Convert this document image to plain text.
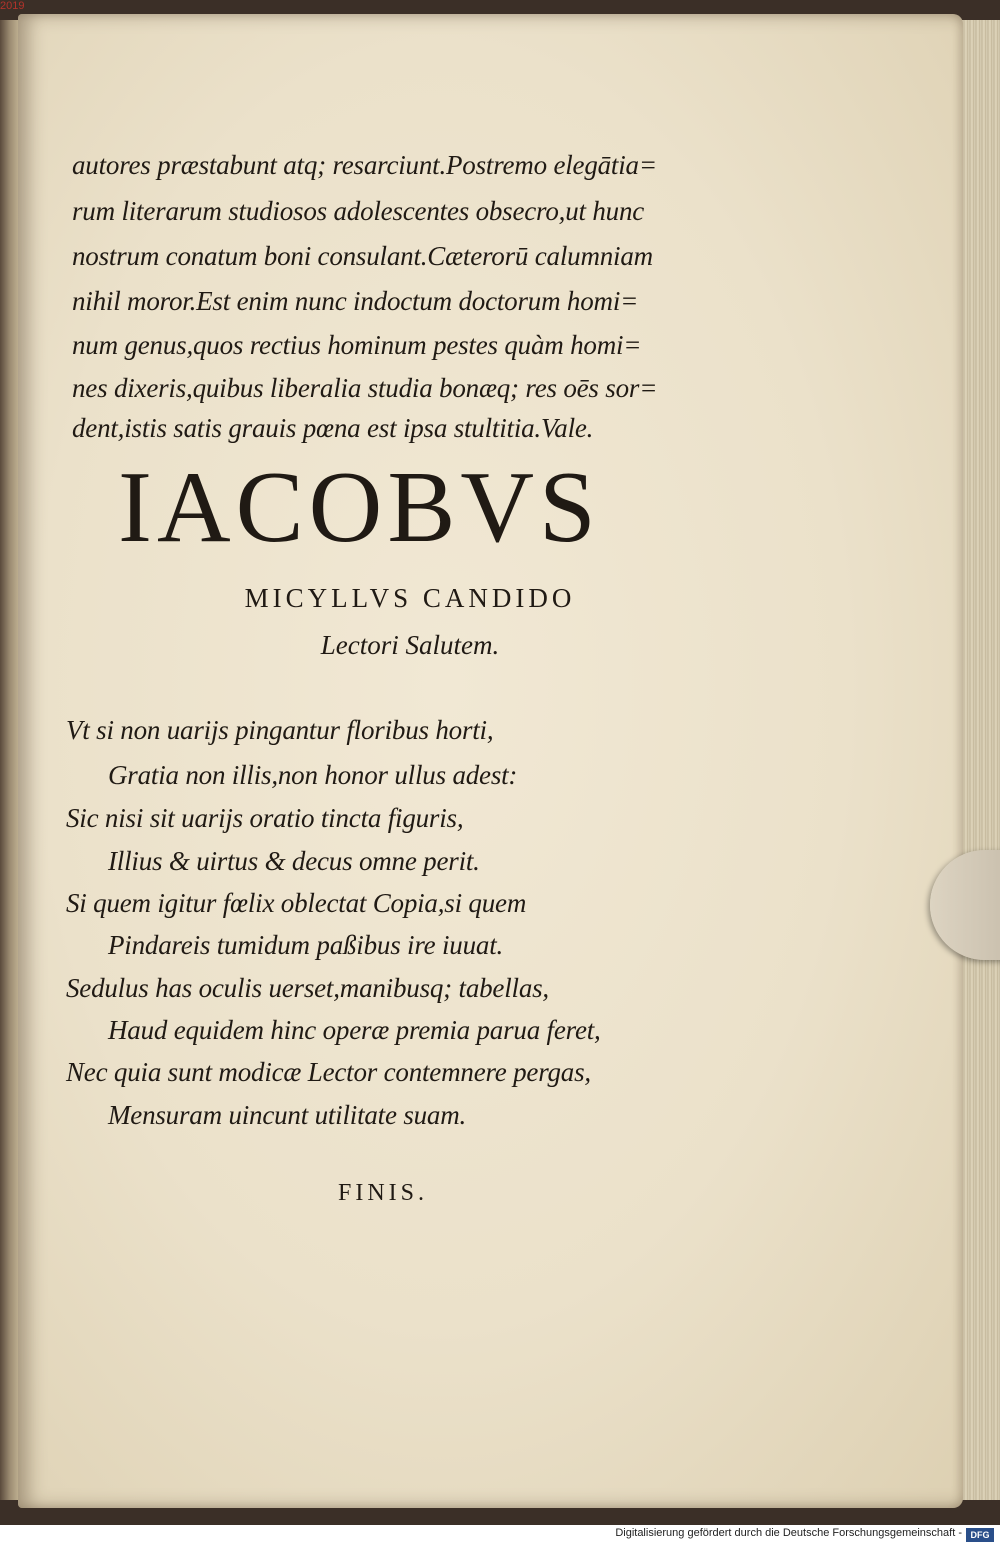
2019
autores præstabunt atq; resarciunt.Postremo elegātia=
rum literarum studiosos adolescentes obsecro,ut hunc
nostrum conatum boni consulant.Cæterorū calumniam
nihil moror.Est enim nunc indoctum doctorum homi=
num genus,quos rectius hominum pestes quàm homi=
nes dixeris,quibus liberalia studia bonæq; res oēs sor=
dent,istis satis grauis pœna est ipsa stultitia.Vale.
IACOBVS
MICYLLVS CANDIDO
Lectori Salutem.
Vt si non uarijs pingantur floribus horti,
Gratia non illis,non honor ullus adest:
Sic nisi sit uarijs oratio tincta figuris,
Illius & uirtus & decus omne perit.
Si quem igitur fœlix oblectat Copia,si quem
Pindareis tumidum paßibus ire iuuat.
Sedulus has oculis uerset,manibusq; tabellas,
Haud equidem hinc operæ premia parua feret,
Nec quia sunt modicæ Lector contemnere pergas,
Mensuram uincunt utilitate suam.
FINIS.
Digitalisierung gefördert durch die Deutsche Forschungsgemeinschaft - DFG
